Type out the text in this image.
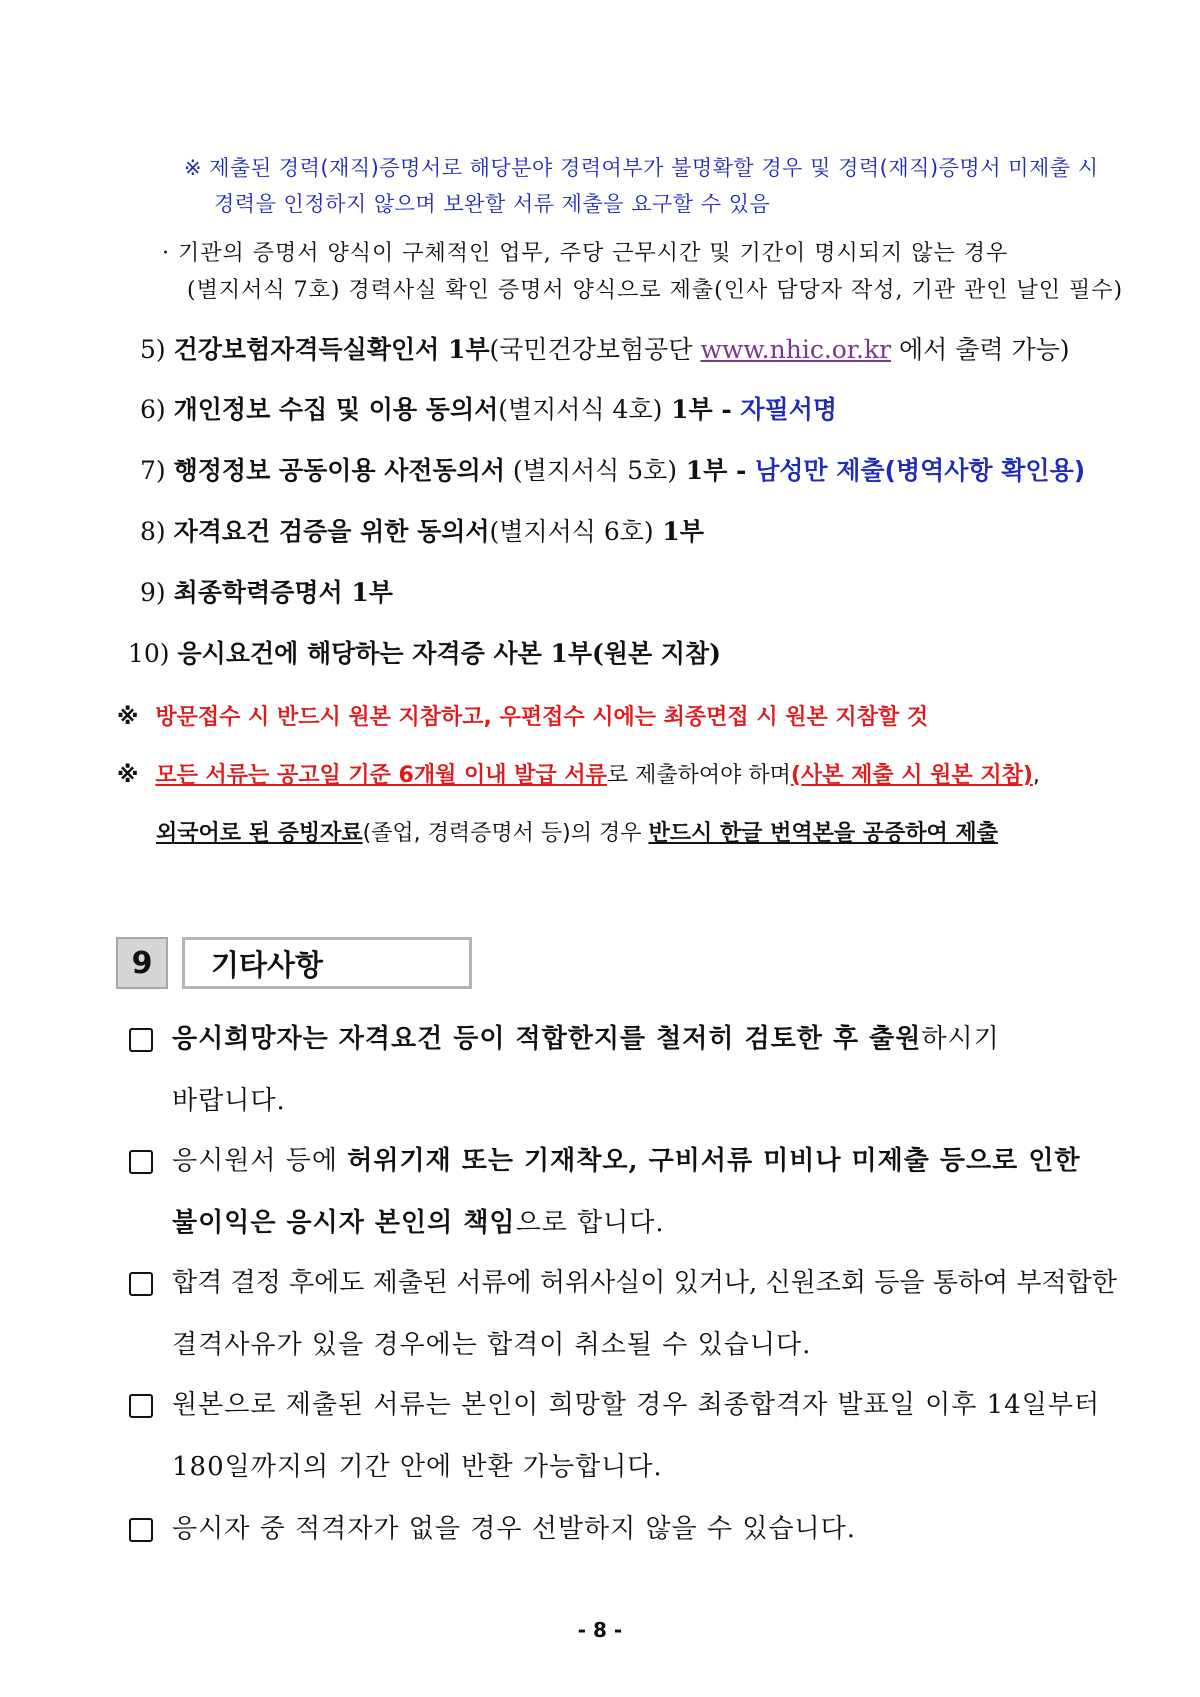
※ 제출된 경력(재직)증명서로 해당분야 경력여부가 불명확할 경우 및 경력(재직)증명서 미제출 시
경력을 인정하지 않으며 보완할 서류 제출을 요구할 수 있음
· 기관의 증명서 양식이 구체적인 업무, 주당 근무시간 및 기간이 명시되지 않는 경우
(별지서식 7호) 경력사실 확인 증명서 양식으로 제출(인사 담당자 작성, 기관 관인 날인 필수)
5) 건강보험자격득실확인서 1부(국민건강보험공단 www.nhic.or.kr 에서 출력 가능)
6) 개인정보 수집 및 이용 동의서(별지서식 4호) 1부 - 자필서명
7) 행정정보 공동이용 사전동의서 (별지서식 5호) 1부 - 남성만 제출(병역사항 확인용)
8) 자격요건 검증을 위한 동의서(별지서식 6호) 1부
9) 최종학력증명서 1부
10) 응시요건에 해당하는 자격증 사본 1부(원본 지참)
※ 방문접수 시 반드시 원본 지참하고, 우편접수 시에는 최종면접 시 원본 지참할 것
※ 모든 서류는 공고일 기준 6개월 이내 발급 서류로 제출하여야 하며(사본 제출 시 원본 지참),
외국어로 된 증빙자료(졸업, 경력증명서 등)의 경우 반드시 한글 번역본을 공증하여 제출
9	기타사항
응시희망자는 자격요건 등이 적합한지를 철저히 검토한 후 출원하시기
바랍니다.
응시원서 등에 허위기재 또는 기재착오, 구비서류 미비나 미제출 등으로 인한
불이익은 응시자 본인의 책임으로 합니다.
합격 결정 후에도 제출된 서류에 허위사실이 있거나, 신원조회 등을 통하여 부적합한
결격사유가 있을 경우에는 합격이 취소될 수 있습니다.
원본으로 제출된 서류는 본인이 희망할 경우 최종합격자 발표일 이후 14일부터
180일까지의 기간 안에 반환 가능합니다.
응시자 중 적격자가 없을 경우 선발하지 않을 수 있습니다.
- 8 -
